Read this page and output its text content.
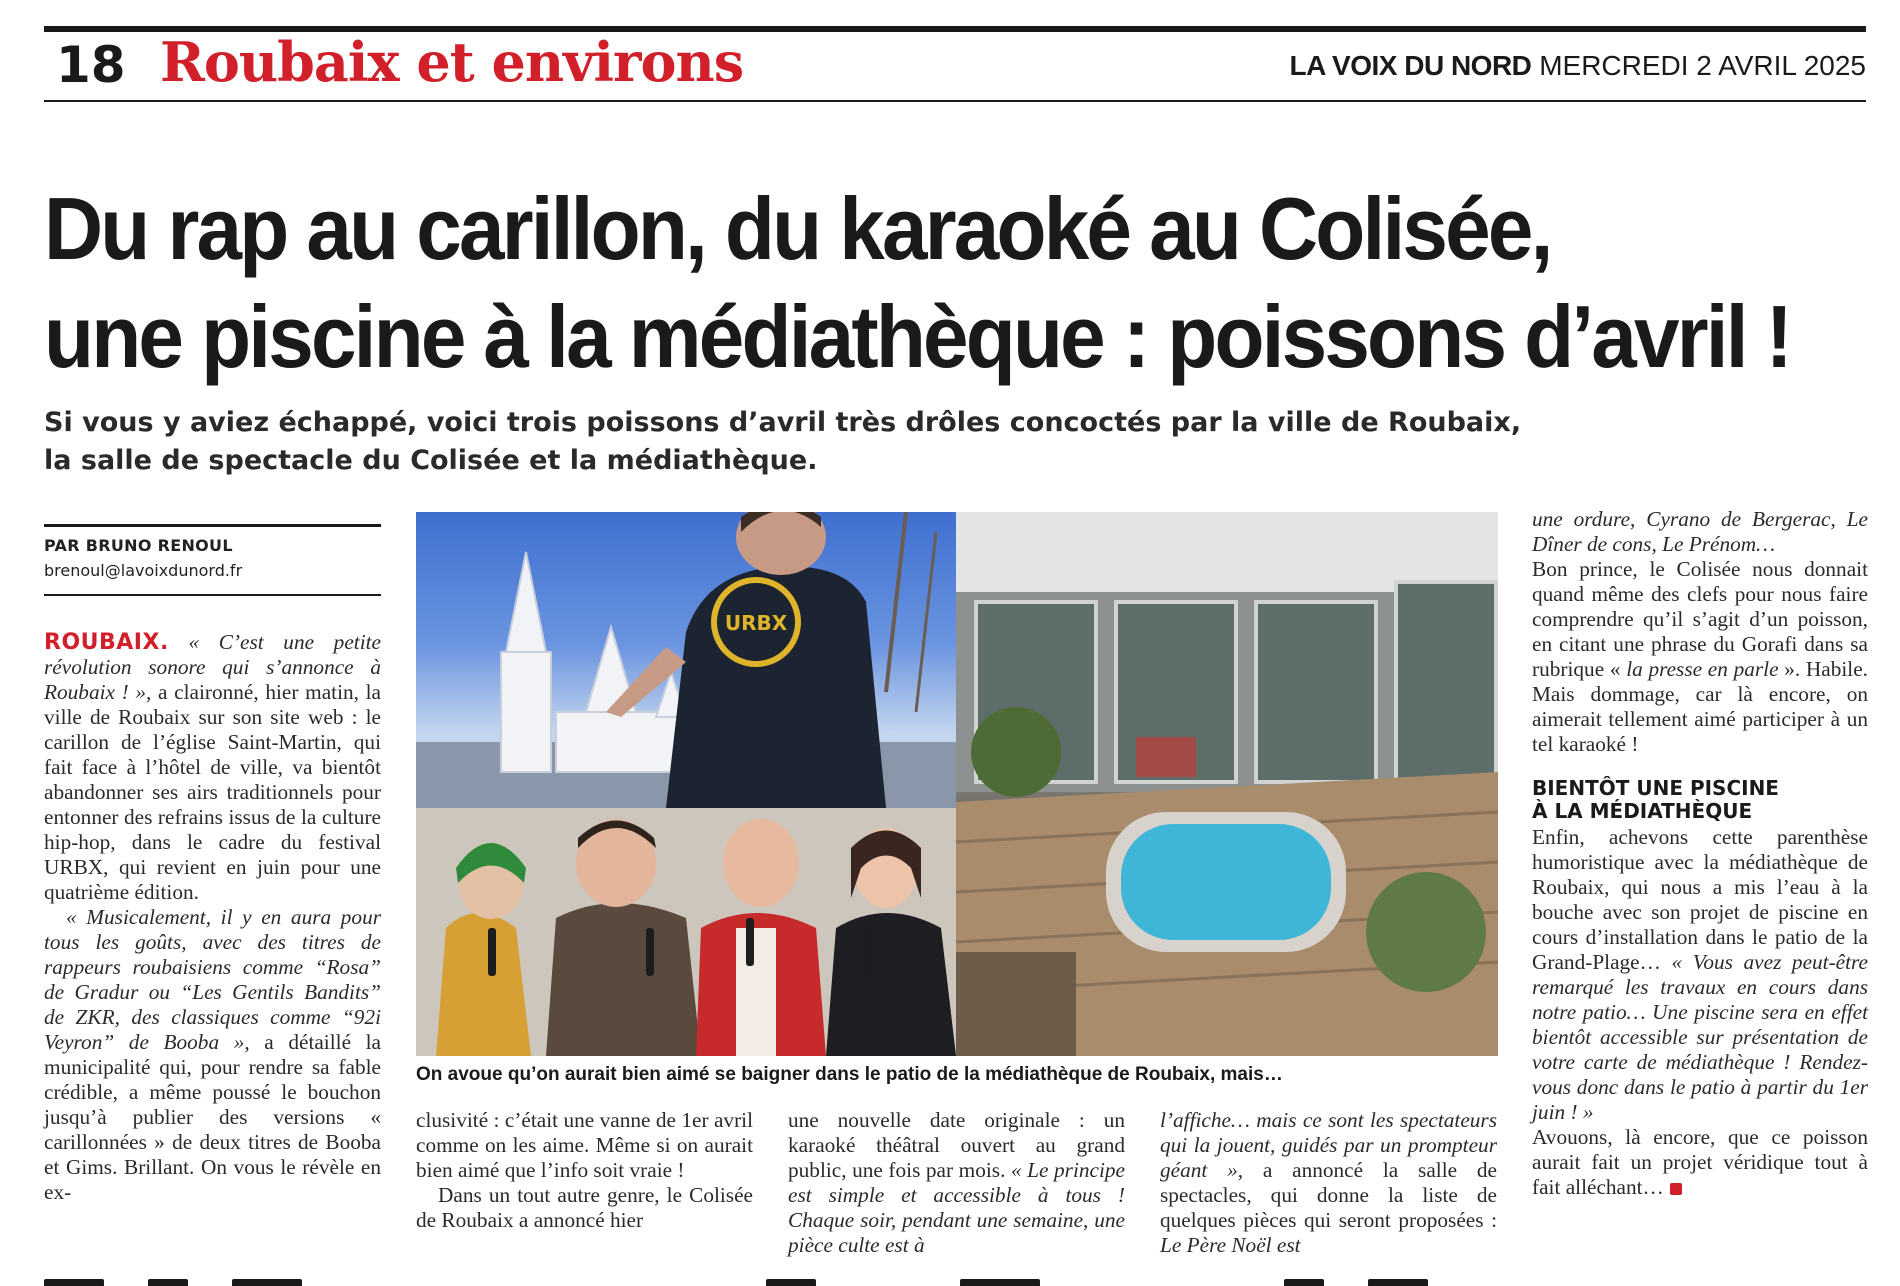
18 Roubaix et environs	LA VOIX DU NORD MERCREDI 2 AVRIL 2025
Du rap au carillon, du karaoké au Colisée,
une piscine à la médiathèque : poissons d’avril !
Si vous y aviez échappé, voici trois poissons d’avril très drôles concoctés par la ville de Roubaix,
la salle de spectacle du Colisée et la médiathèque.
PAR BRUNO RENOUL
brenoul@lavoixdunord.fr

ROUBAIX. « C’est une petite révolution sonore qui s’annonce à Roubaix ! », a claironné, hier matin, la ville de Roubaix sur son site web : le carillon de l’église Saint-Martin, qui fait face à l’hôtel de ville, va bientôt abandonner ses airs traditionnels pour entonner des refrains issus de la culture hip-hop, dans le cadre du festival URBX, qui revient en juin pour une quatrième édition.

« Musicalement, il y en aura pour tous les goûts, avec des titres de rappeurs roubaisiens comme “Rosa” de Gradur ou “Les Gentils Bandits” de ZKR, des classiques comme “92i Veyron” de Booba », a détaillé la municipalité qui, pour rendre sa fable crédible, a même poussé le bouchon jusqu’à publier des versions « carillonnées » de deux titres de Booba et Gims. Brillant. On vous le révèle en ex-

URBX
On avoue qu’on aurait bien aimé se baigner dans le patio de la médiathèque de Roubaix, mais…

clusivité : c’était une vanne de 1er avril comme on les aime. Même si on aurait bien aimé que l’info soit vraie !

Dans un tout autre genre, le Colisée de Roubaix a annoncé hier

une nouvelle date originale : un karaoké théâtral ouvert au grand public, une fois par mois. « Le principe est simple et accessible à tous ! Chaque soir, pendant une semaine, une pièce culte est à

l’affiche… mais ce sont les spectateurs qui la jouent, guidés par un prompteur géant », a annoncé la salle de spectacles, qui donne la liste de quelques pièces qui seront proposées : Le Père Noël est

une ordure, Cyrano de Bergerac, Le Dîner de cons, Le Prénom…

Bon prince, le Colisée nous donnait quand même des clefs pour nous faire comprendre qu’il s’agit d’un poisson, en citant une phrase du Gorafi dans sa rubrique « la presse en parle ». Habile. Mais dommage, car là encore, on aimerait tellement aimé participer à un tel karaoké !

BIENTÔT UNE PISCINE
À LA MÉDIATHÈQUE

Enfin, achevons cette parenthèse humoristique avec la médiathèque de Roubaix, qui nous a mis l’eau à la bouche avec son projet de piscine en cours d’installation dans le patio de la Grand-Plage… « Vous avez peut-être remarqué les travaux en cours dans notre patio… Une piscine sera en effet bientôt accessible sur présentation de votre carte de médiathèque ! Rendez-vous donc dans le patio à partir du 1er juin ! »

Avouons, là encore, que ce poisson aurait fait un projet véridique tout à fait alléchant…
